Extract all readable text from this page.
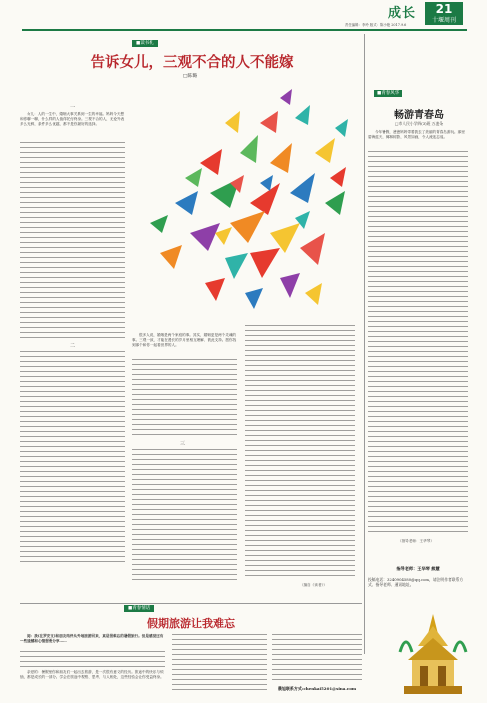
成长	21
十堰周刊
责任编辑：李玲 版式：陈小艳 2017.9.6
■读书札
告诉女儿，三观不合的人不能嫁
□陈璐
一

女儿：人的一生中，婚姻大事关系到一生的幸福。妈妈今天想和你聊一聊，什么样的人值得托付终身。三观不合的人，无论外表多么光鲜，条件多么优越，都不是你最好的选择。

二

很多人说，婚姻是两个家庭的事。其实，婚姻更是两个灵魂的事。三观一致，才能在漫长的岁月里相互理解、彼此支持。愿你找到那个和你一起看世界的人。

三
（摘自《读者》）
■青春风华
畅游青春岛
□市人民小学四(3)班 万凌朵

今年暑假，爸爸妈妈带着我去了美丽的青春岛游玩。那里碧海蓝天，椰林树影，风景如画，令人流连忘返。

（指导老师：王华琴）
指导老师：王华琴 熊慧
投稿电话：3240904580@qq.com，请注明作者联系方式、指导老师、通讯地址。
■青春情话
假期旅游让我难忘

阅：我(在罗安支)和朋友结伴从外地旅游回来，真是很难忘的暑假旅行。但是感觉还有一些遗憾和心情想要分享……

亲爱的：暑假里你和朋友们一起出去旅游，是一次很有意义的经历。旅途中的快乐与烦恼，都是成长的一部分。学会在旅途中观察、思考、与人相处，这些经验会让你受益终身。

晨旭联系方式:chenkai5201@sina.com
